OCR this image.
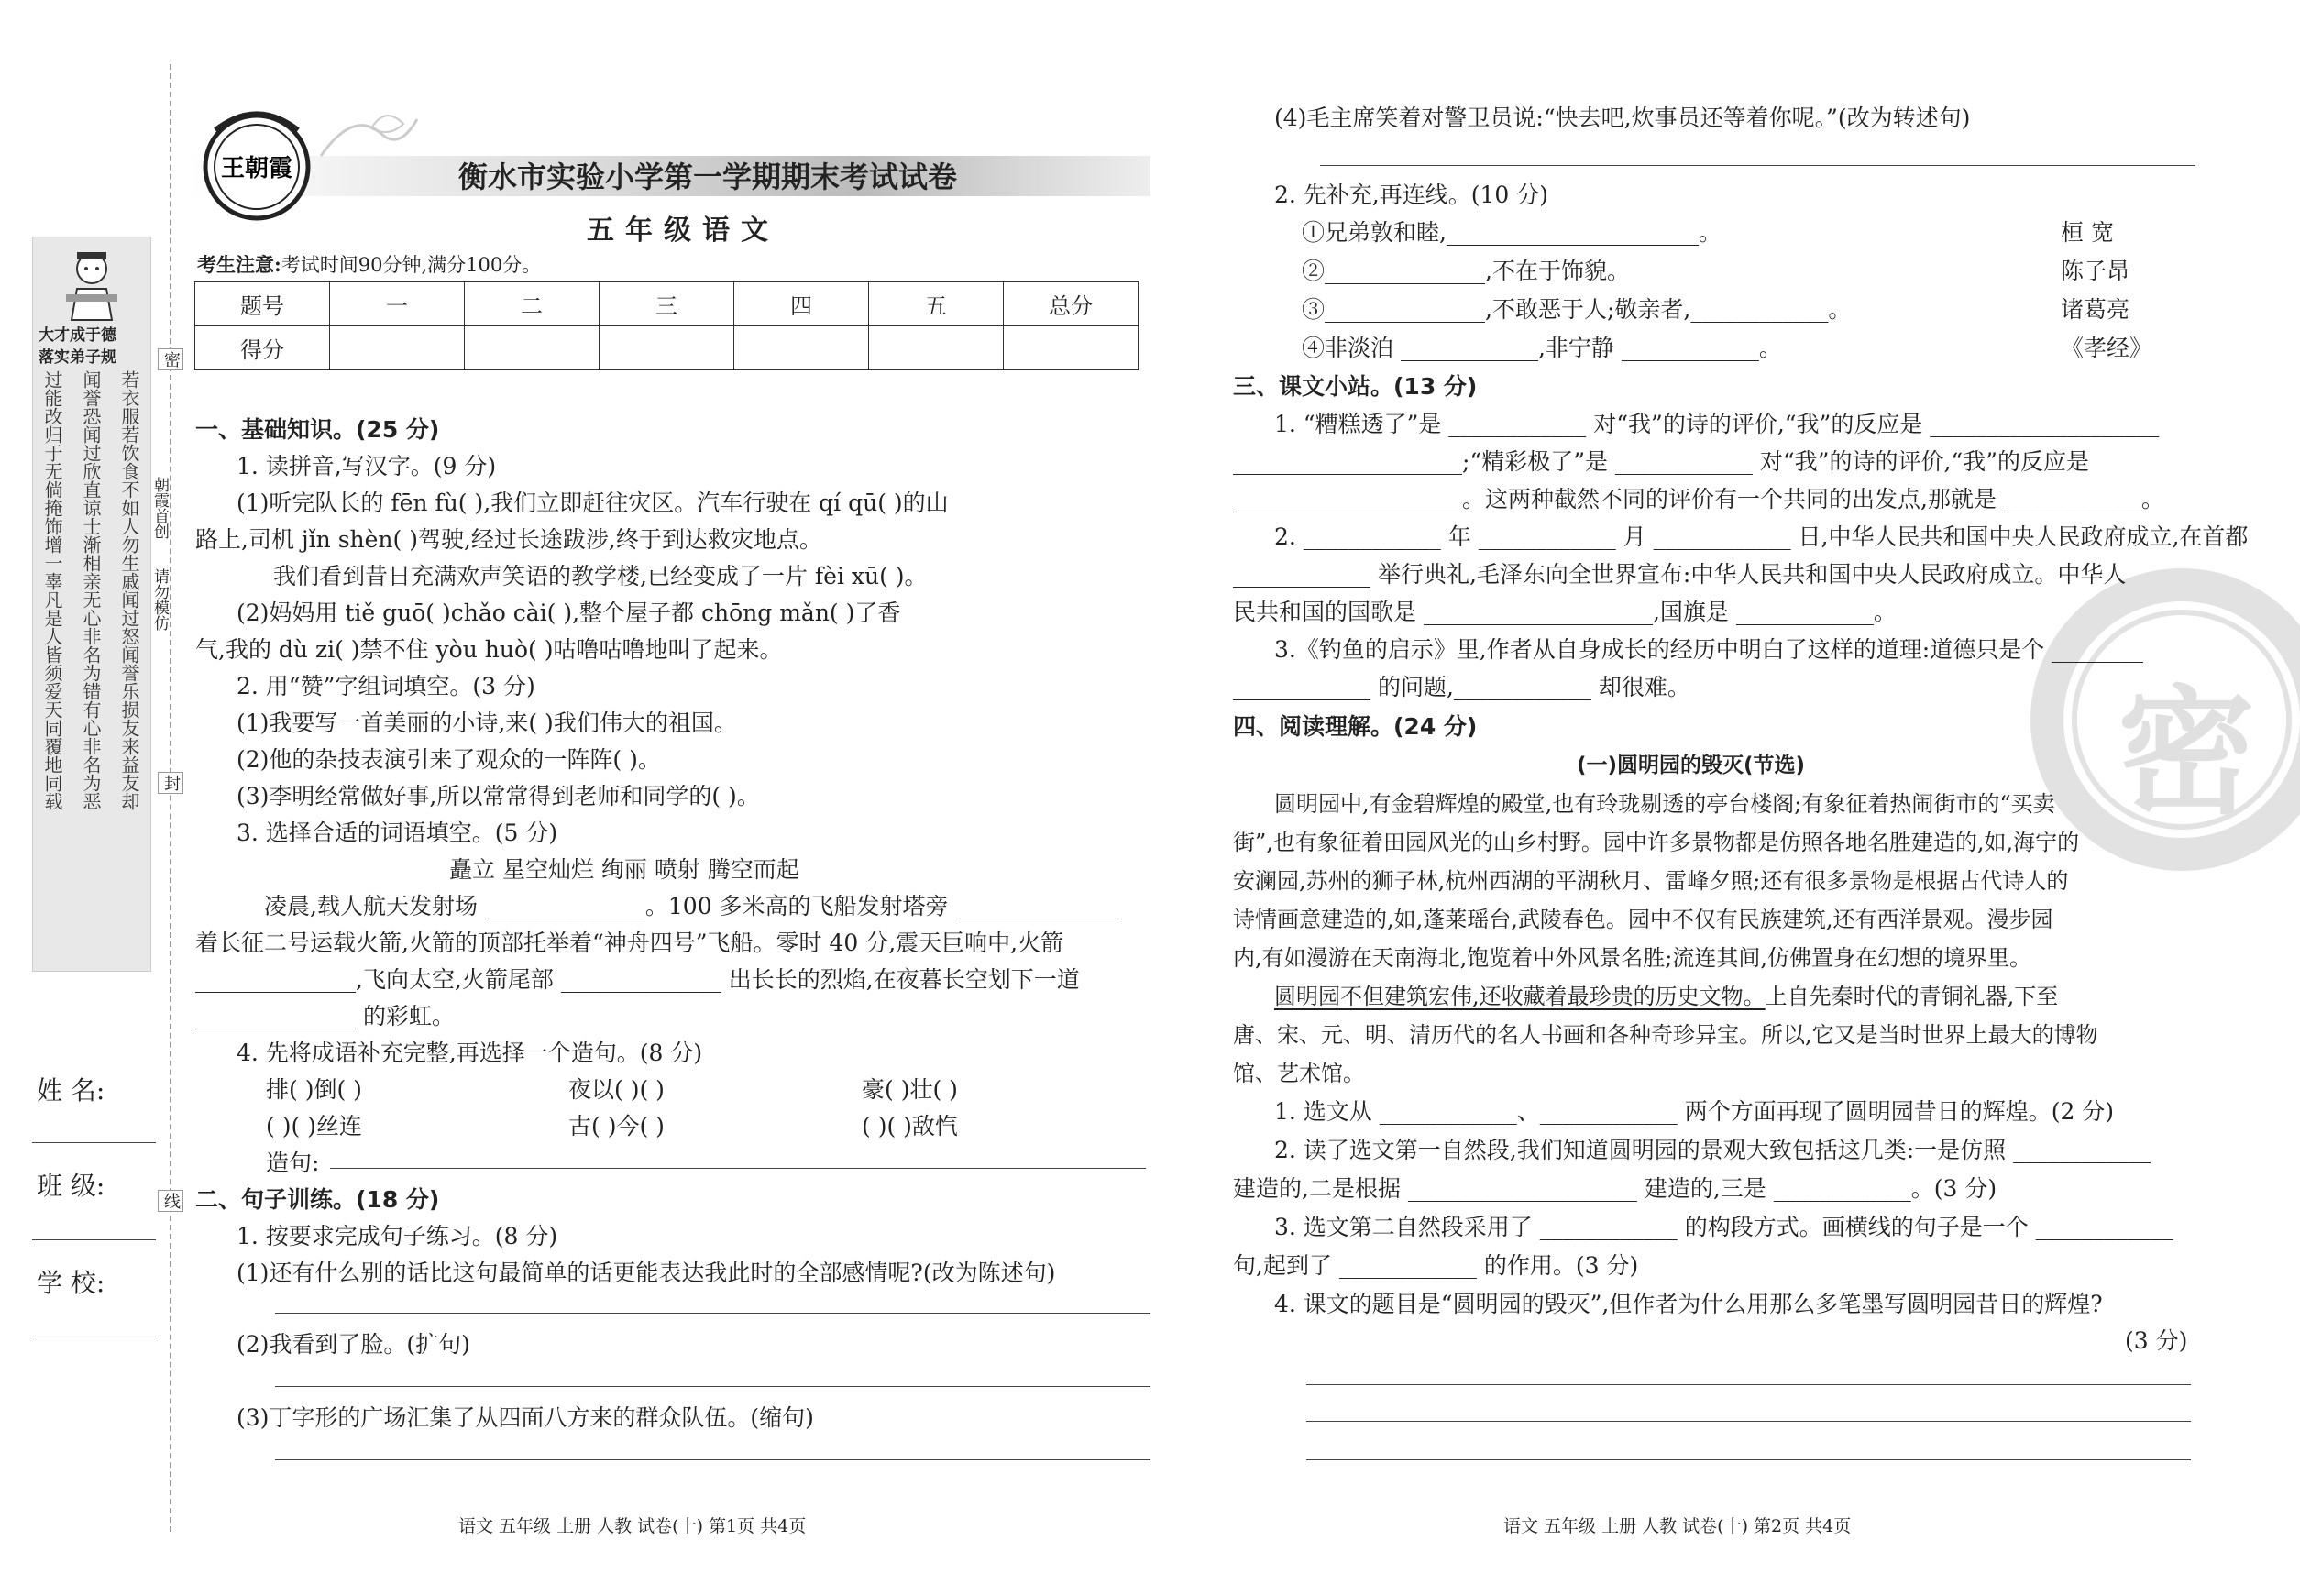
大才成于德
落实弟子规
过能改归于无倘掩饰增一辜凡是人皆须爱天同覆地同载 闻誉恐闻过欣直谅士渐相亲无心非名为错有心非名为恶 若衣服若饮食不如人勿生戚闻过怒闻誉乐损友来益友却
密
朝霞首创
请勿模仿
封
线
姓 名:
班 级:
学 校:
王朝霞	衡水市实验小学第一学期期末考试试卷
五年级语文
考生注意:考试时间90分钟,满分100分。
题号	一	二	三	四	五	总分
得分						
一、基础知识。(25 分)
1. 读拼音,写汉字。(9 分)
(1)听完队长的 fēn fù( ),我们立即赶往灾区。汽车行驶在 qí qū( )的山
路上,司机 jǐn shèn( )驾驶,经过长途跋涉,终于到达救灾地点。
我们看到昔日充满欢声笑语的教学楼,已经变成了一片 fèi xū( )。
(2)妈妈用 tiě guō( )chǎo cài( ),整个屋子都 chōng mǎn( )了香
气,我的 dù zi( )禁不住 yòu huò( )咕噜咕噜地叫了起来。
2. 用“赞”字组词填空。(3 分)
(1)我要写一首美丽的小诗,来( )我们伟大的祖国。
(2)他的杂技表演引来了观众的一阵阵( )。
(3)李明经常做好事,所以常常得到老师和同学的( )。
3. 选择合适的词语填空。(5 分)
矗立 星空灿烂 绚丽 喷射 腾空而起
凌晨,载人航天发射场 ______________。100 多米高的飞船发射塔旁 ______________
着长征二号运载火箭,火箭的顶部托举着“神舟四号”飞船。零时 40 分,震天巨响中,火箭
______________,飞向太空,火箭尾部 ______________ 出长长的烈焰,在夜暮长空划下一道
______________ 的彩虹。
4. 先将成语补充完整,再选择一个造句。(8 分)
排( )倒( )	夜以( )( )	豪( )壮( )
( )( )丝连	古( )今( )	( )( )敌忾
造句:
二、句子训练。(18 分)
1. 按要求完成句子练习。(8 分)
(1)还有什么别的话比这句最简单的话更能表达我此时的全部感情呢?(改为陈述句)
(2)我看到了脸。(扩句)
(3)丁字形的广场汇集了从四面八方来的群众队伍。(缩句)
语文 五年级 上册 人教 试卷(十) 第1页 共4页
密
(4)毛主席笑着对警卫员说:“快去吧,炊事员还等着你呢。”(改为转述句)
2. 先补充,再连线。(10 分)
①兄弟敦和睦,______________________。
②______________,不在于饰貌。
③______________,不敢恶于人;敬亲者,____________。
④非淡泊 ____________,非宁静 ____________。
桓 宽
陈子昂
诸葛亮
《孝经》
三、课文小站。(13 分)
1. “糟糕透了”是 ____________ 对“我”的诗的评价,“我”的反应是 ____________________
____________________;“精彩极了”是 ____________ 对“我”的诗的评价,“我”的反应是
____________________。这两种截然不同的评价有一个共同的出发点,那就是 ____________。
2. ____________ 年 ____________ 月 ____________ 日,中华人民共和国中央人民政府成立,在首都
____________ 举行典礼,毛泽东向全世界宣布:中华人民共和国中央人民政府成立。中华人
民共和国的国歌是 ____________________,国旗是 ____________。
3.《钓鱼的启示》里,作者从自身成长的经历中明白了这样的道理:道德只是个 ________
____________ 的问题,____________ 却很难。
四、阅读理解。(24 分)
(一)圆明园的毁灭(节选)
圆明园中,有金碧辉煌的殿堂,也有玲珑剔透的亭台楼阁;有象征着热闹街市的“买卖
街”,也有象征着田园风光的山乡村野。园中许多景物都是仿照各地名胜建造的,如,海宁的
安澜园,苏州的狮子林,杭州西湖的平湖秋月、雷峰夕照;还有很多景物是根据古代诗人的
诗情画意建造的,如,蓬莱瑶台,武陵春色。园中不仅有民族建筑,还有西洋景观。漫步园
内,有如漫游在天南海北,饱览着中外风景名胜;流连其间,仿佛置身在幻想的境界里。
圆明园不但建筑宏伟,还收藏着最珍贵的历史文物。上自先秦时代的青铜礼器,下至
唐、宋、元、明、清历代的名人书画和各种奇珍异宝。所以,它又是当时世界上最大的博物
馆、艺术馆。
1. 选文从 ____________、____________ 两个方面再现了圆明园昔日的辉煌。(2 分)
2. 读了选文第一自然段,我们知道圆明园的景观大致包括这几类:一是仿照 ____________
建造的,二是根据 ____________________ 建造的,三是 ____________。(3 分)
3. 选文第二自然段采用了 ____________ 的构段方式。画横线的句子是一个 ____________
句,起到了 ____________ 的作用。(3 分)
4. 课文的题目是“圆明园的毁灭”,但作者为什么用那么多笔墨写圆明园昔日的辉煌?
(3 分)
语文 五年级 上册 人教 试卷(十) 第2页 共4页
